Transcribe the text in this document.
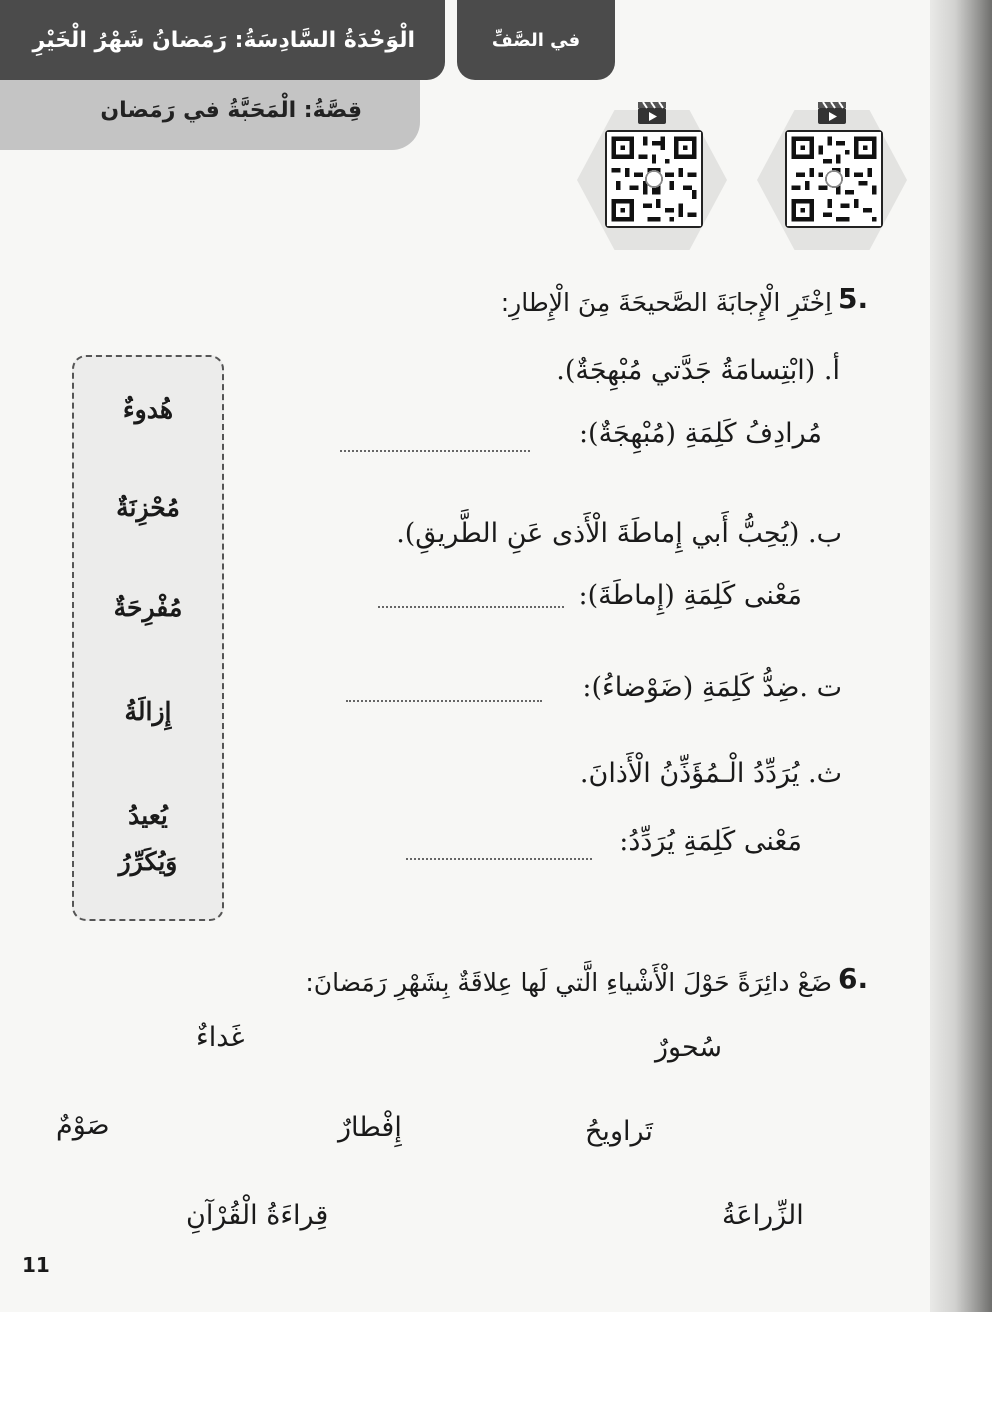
الْوَحْدَةُ السَّادِسَةُ: رَمَضانُ شَهْرُ الْخَيْرِ
قِصَّةُ: الْمَحَبَّةُ في رَمَضان
في الصَّفِّ
5.
اِخْتَرِ الْإِجابَةَ الصَّحيحَةَ مِنَ الْإِطارِ:
أ. (ابْتِسامَةُ جَدَّتي مُبْهِجَةٌ).
مُرادِفُ كَلِمَةِ (مُبْهِجَةٌ):
ب. (يُحِبُّ أَبي إِماطَةَ الْأَذى عَنِ الطَّريقِ).
مَعْنى كَلِمَةِ (إِماطَةَ):
ت .ضِدُّ كَلِمَةِ (ضَوْضاءُ):
ث. يُرَدِّدُ الْـمُؤَذِّنُ الْأَذانَ.
مَعْنى كَلِمَةِ يُرَدِّدُ:
هُدوءٌ
مُحْزِنَةٌ
مُفْرِحَةٌ
إِزالَةُ
يُعيدُ
وَيُكَرِّرُ
6.
ضَعْ دائِرَةً حَوْلَ الْأَشْياءِ الَّتي لَها عِلاقَةٌ بِشَهْرِ رَمَضانَ:
سُحورٌ
غَداءٌ
تَراويحُ
إِفْطارٌ
صَوْمٌ
الزِّراعَةُ
قِراءَةُ الْقُرْآنِ
11
